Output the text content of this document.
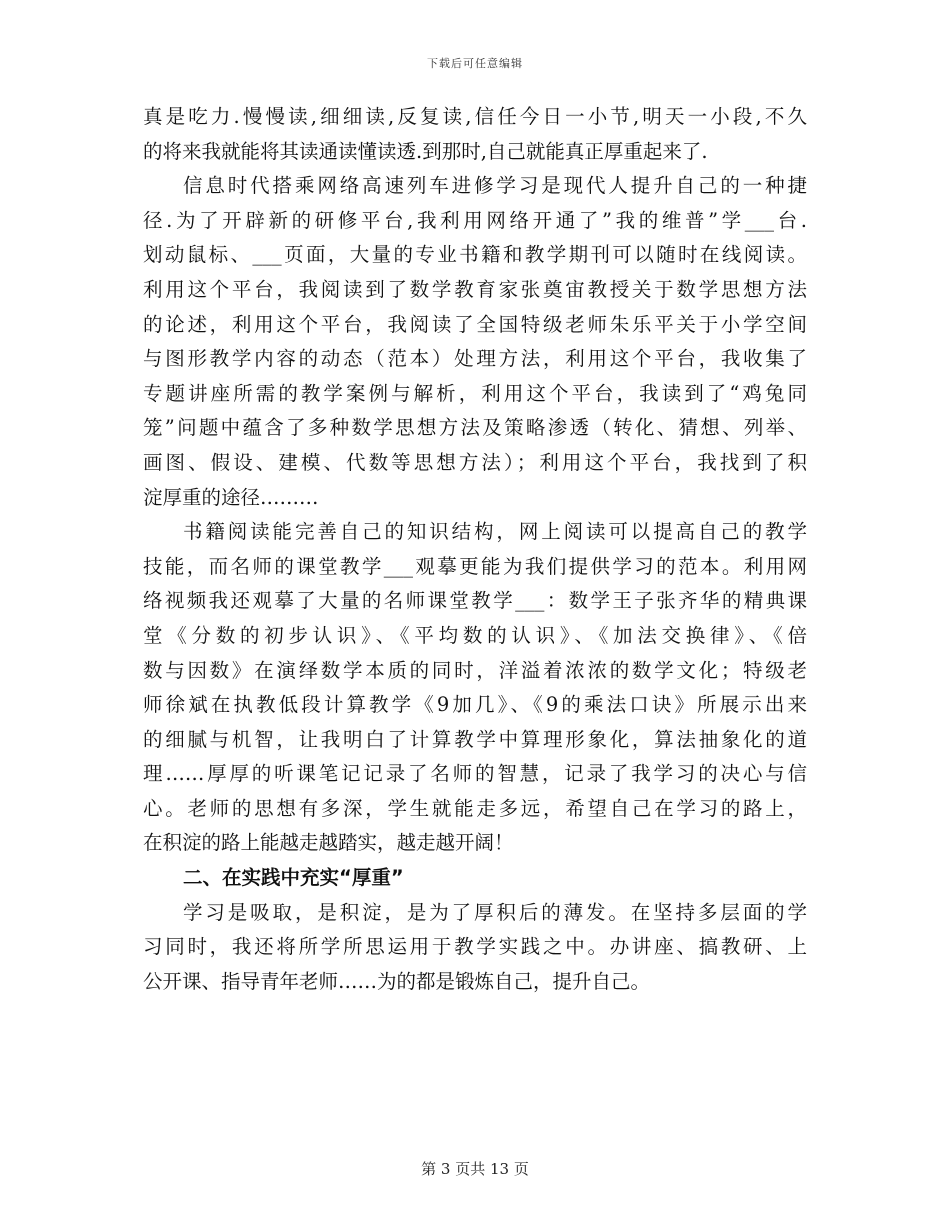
下载后可任意编辑
真是吃力.慢慢读,细细读,反复读,信任今日一小节,明天一小段,不久
的将来我就能将其读通读懂读透.到那时,自己就能真正厚重起来了.
信息时代搭乘网络高速列车进修学习是现代人提升自己的一种捷
径.为了开辟新的研修平台,我利用网络开通了”我的维普”学___台.
划动鼠标、___页面，大量的专业书籍和教学期刊可以随时在线阅读。
利用这个平台，我阅读到了数学教育家张奠宙教授关于数学思想方法
的论述，利用这个平台，我阅读了全国特级老师朱乐平关于小学空间
与图形教学内容的动态（范本）处理方法，利用这个平台，我收集了
专题讲座所需的教学案例与解析，利用这个平台，我读到了“鸡兔同
笼”问题中蕴含了多种数学思想方法及策略渗透（转化、猜想、列举、
画图、假设、建模、代数等思想方法）；利用这个平台，我找到了积
淀厚重的途径………
书籍阅读能完善自己的知识结构，网上阅读可以提高自己的教学
技能，而名师的课堂教学___观摹更能为我们提供学习的范本。利用网
络视频我还观摹了大量的名师课堂教学___：数学王子张齐华的精典课
堂《分数的初步认识》、《平均数的认识》、《加法交换律》、《倍
数与因数》在演绎数学本质的同时，洋溢着浓浓的数学文化；特级老
师徐斌在执教低段计算教学《9加几》、《9的乘法口诀》所展示出来
的细腻与机智，让我明白了计算教学中算理形象化，算法抽象化的道
理……厚厚的听课笔记记录了名师的智慧，记录了我学习的决心与信
心。老师的思想有多深，学生就能走多远，希望自己在学习的路上，
在积淀的路上能越走越踏实，越走越开阔！
二、在实践中充实“厚重”
学习是吸取，是积淀，是为了厚积后的薄发。在坚持多层面的学
习同时，我还将所学所思运用于教学实践之中。办讲座、搞教研、上
公开课、指导青年老师……为的都是锻炼自己，提升自己。
第 3 页共 13 页
